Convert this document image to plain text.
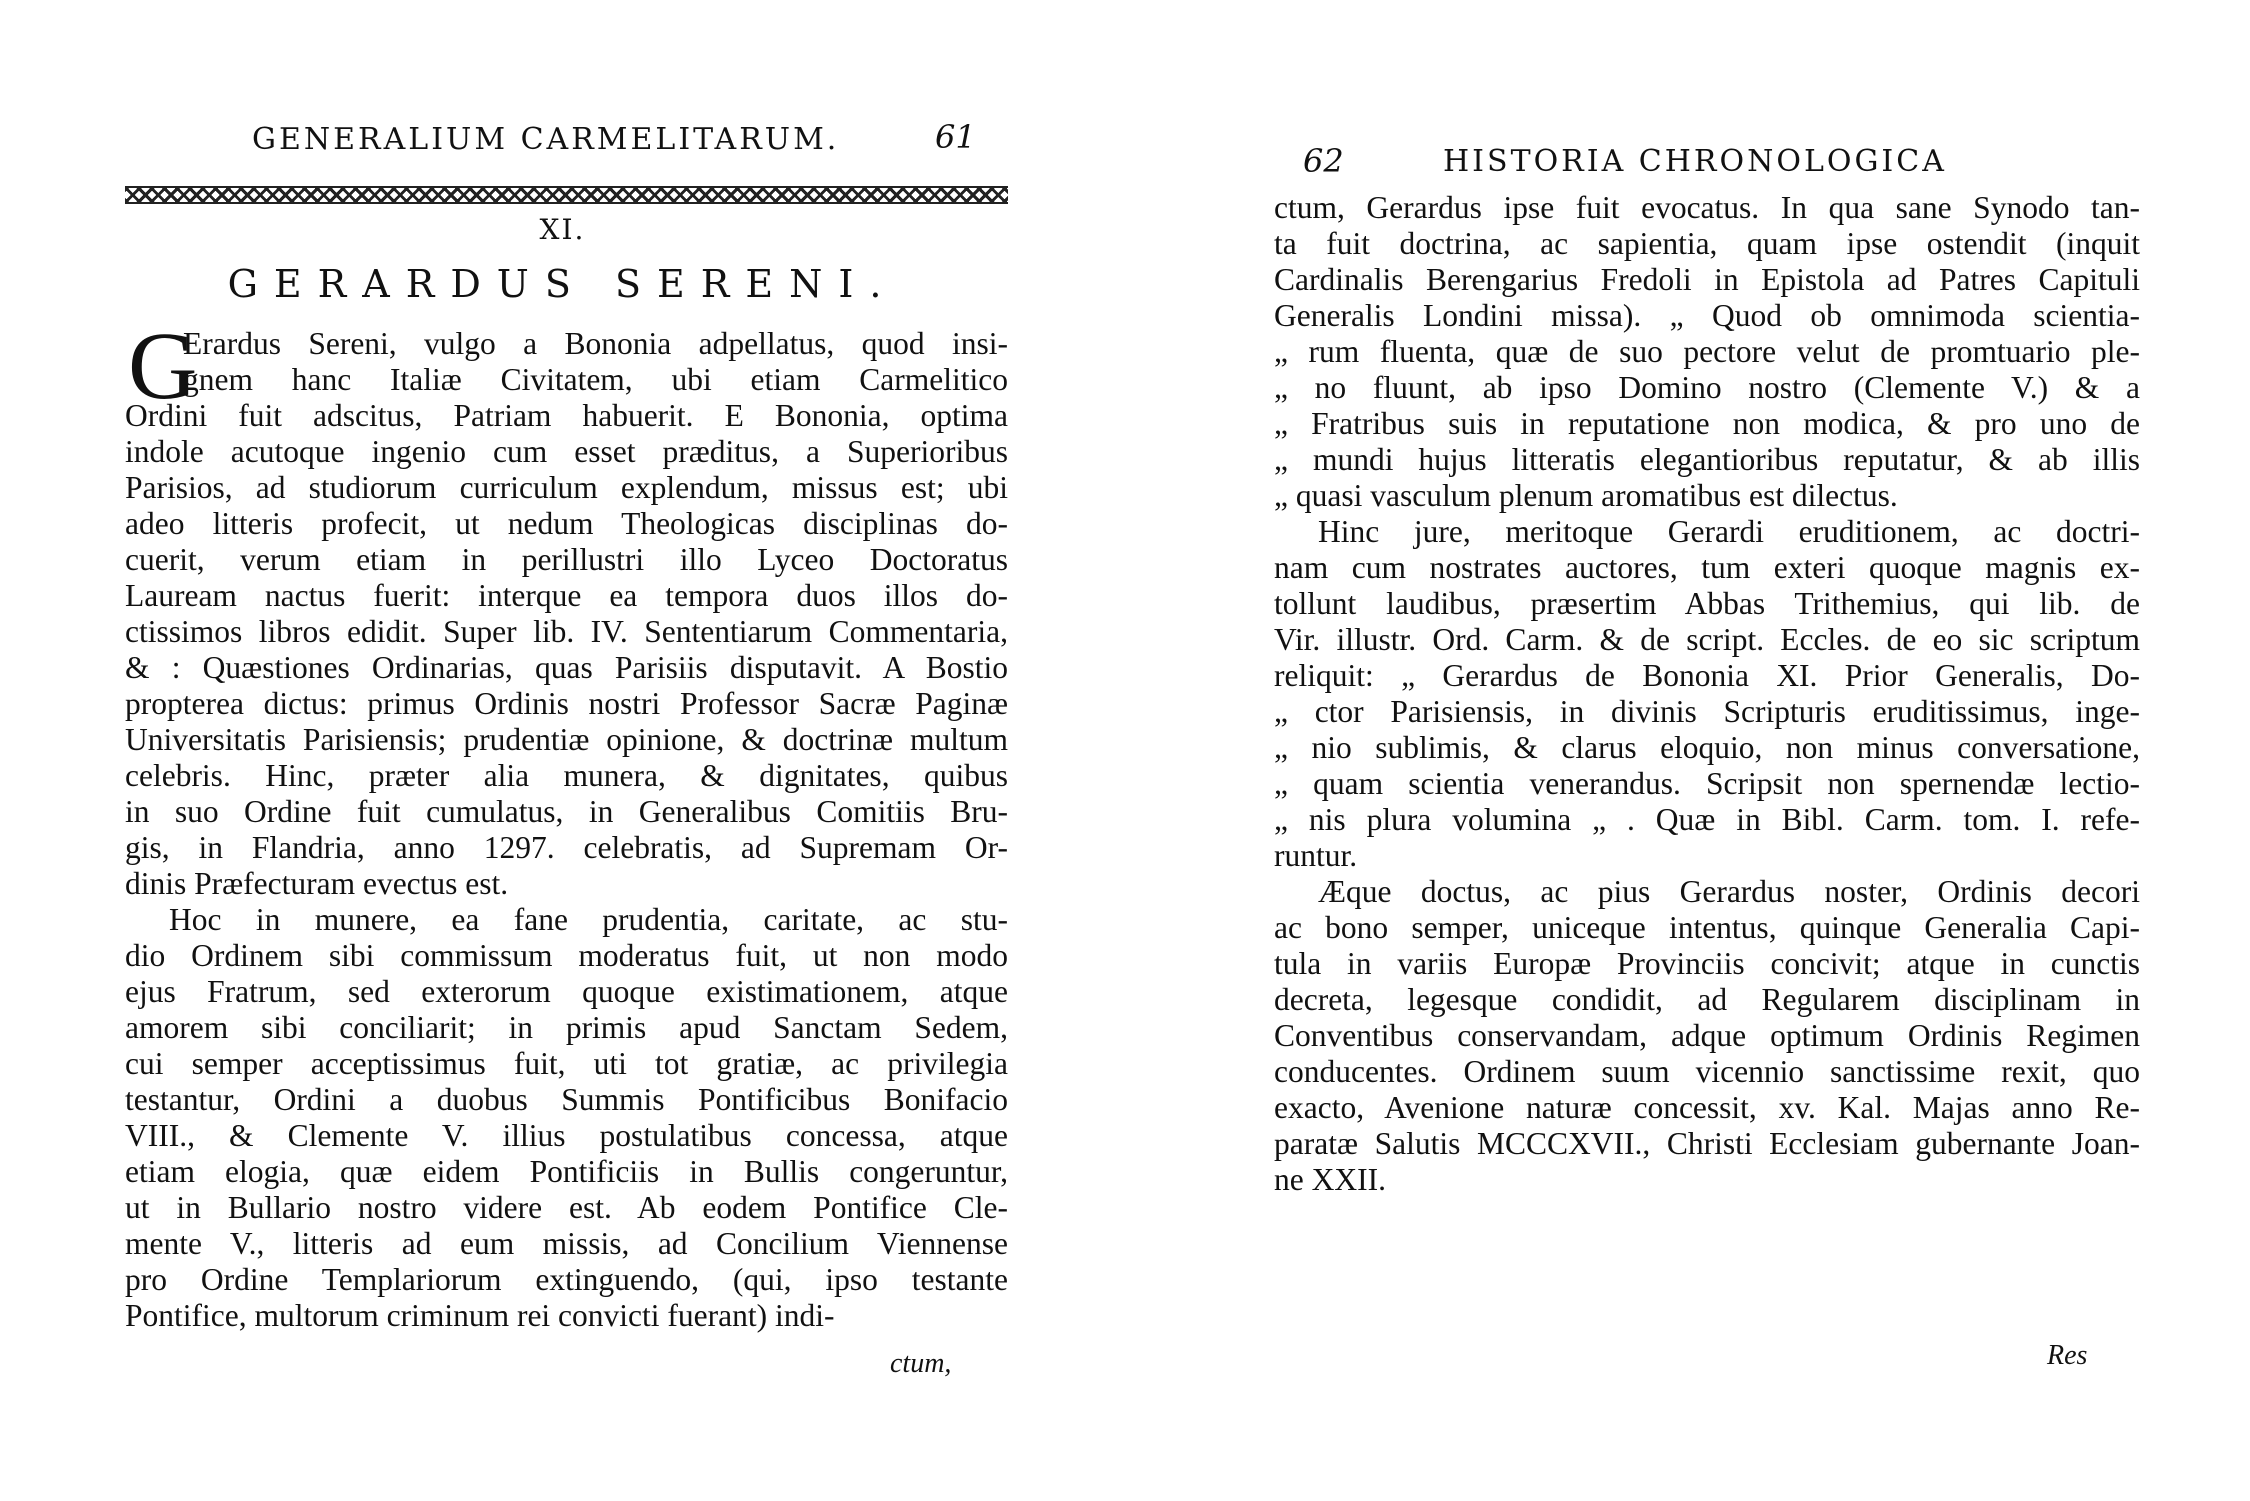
GENERALIUM CARMELITARUM.	61
XI.
GERARDUS SERENI.
G
Erardus Sereni, vulgo a Bononia adpellatus, quod insi-
gnem hanc Italiæ Civitatem, ubi etiam Carmelitico
Ordini fuit adscitus, Patriam habuerit. E Bononia, optima
indole acutoque ingenio cum esset præditus, a Superioribus
Parisios, ad studiorum curriculum explendum, missus est; ubi
adeo litteris profecit, ut nedum Theologicas disciplinas do-
cuerit, verum etiam in perillustri illo Lyceo Doctoratus
Lauream nactus fuerit: interque ea tempora duos illos do-
ctissimos libros edidit. Super lib. IV. Sententiarum Commentaria,
& : Quæstiones Ordinarias, quas Parisiis disputavit. A Bostio
propterea dictus: primus Ordinis nostri Professor Sacræ Paginæ
Universitatis Parisiensis; prudentiæ opinione, & doctrinæ multum
celebris. Hinc, præter alia munera, & dignitates, quibus
in suo Ordine fuit cumulatus, in Generalibus Comitiis Bru-
gis, in Flandria, anno 1297. celebratis, ad Supremam Or-
dinis Præfecturam evectus est.
Hoc in munere, ea fane prudentia, caritate, ac stu-
dio Ordinem sibi commissum moderatus fuit, ut non modo
ejus Fratrum, sed exterorum quoque existimationem, atque
amorem sibi conciliarit; in primis apud Sanctam Sedem,
cui semper acceptissimus fuit, uti tot gratiæ, ac privilegia
testantur, Ordini a duobus Summis Pontificibus Bonifacio
VIII., & Clemente V. illius postulatibus concessa, atque
etiam elogia, quæ eidem Pontificiis in Bullis congeruntur,
ut in Bullario nostro videre est. Ab eodem Pontifice Cle-
mente V., litteris ad eum missis, ad Concilium Viennense
pro Ordine Templariorum extinguendo, (qui, ipso testante
Pontifice, multorum criminum rei convicti fuerant) indi-
ctum,
62	HISTORIA CHRONOLOGICA
ctum, Gerardus ipse fuit evocatus. In qua sane Synodo tan-
ta fuit doctrina, ac sapientia, quam ipse ostendit (inquit
Cardinalis Berengarius Fredoli in Epistola ad Patres Capituli
Generalis Londini missa). „ Quod ob omnimoda scientia-
„ rum fluenta, quæ de suo pectore velut de promtuario ple-
„ no fluunt, ab ipso Domino nostro (Clemente V.) & a
„ Fratribus suis in reputatione non modica, & pro uno de
„ mundi hujus litteratis elegantioribus reputatur, & ab illis
„ quasi vasculum plenum aromatibus est dilectus.
Hinc jure, meritoque Gerardi eruditionem, ac doctri-
nam cum nostrates auctores, tum exteri quoque magnis ex-
tollunt laudibus, præsertim Abbas Trithemius, qui lib. de
Vir. illustr. Ord. Carm. & de script. Eccles. de eo sic scriptum
reliquit: „ Gerardus de Bononia XI. Prior Generalis, Do-
„ ctor Parisiensis, in divinis Scripturis eruditissimus, inge-
„ nio sublimis, & clarus eloquio, non minus conversatione,
„ quam scientia venerandus. Scripsit non spernendæ lectio-
„ nis plura volumina „ . Quæ in Bibl. Carm. tom. I. refe-
runtur.
Æque doctus, ac pius Gerardus noster, Ordinis decori
ac bono semper, uniceque intentus, quinque Generalia Capi-
tula in variis Europæ Provinciis concivit; atque in cunctis
decreta, legesque condidit, ad Regularem disciplinam in
Conventibus conservandam, adque optimum Ordinis Regimen
conducentes. Ordinem suum vicennio sanctissime rexit, quo
exacto, Avenione naturæ concessit, xv. Kal. Majas anno Re-
paratæ Salutis MCCCXVII., Christi Ecclesiam gubernante Joan-
ne XXII.
Res
